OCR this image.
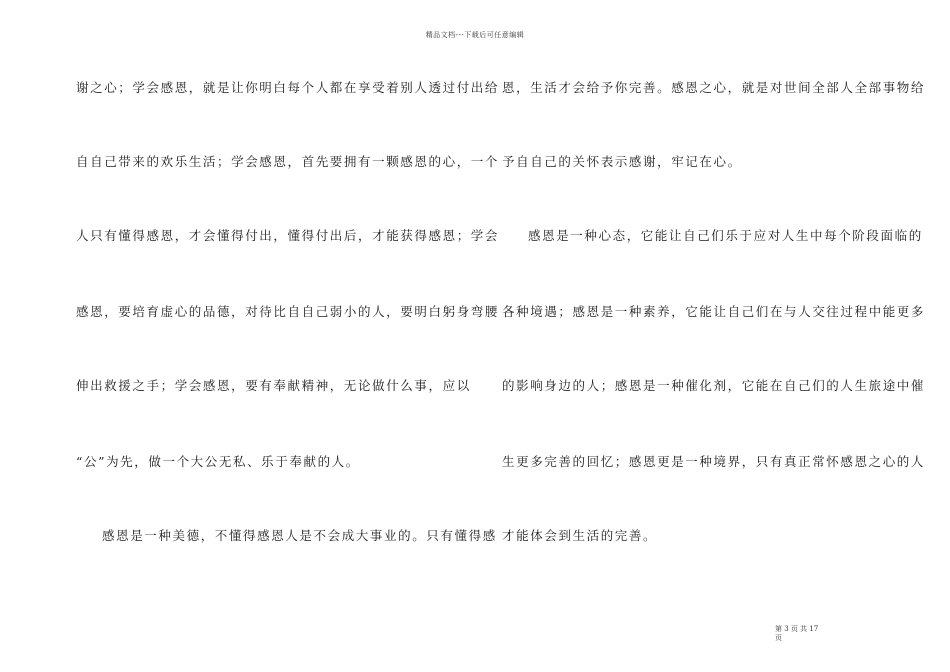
精品文档---下载后可任意编辑
谢之心；学会感恩，就是让你明白每个人都在享受着别人透过付出给
自自己带来的欢乐生活；学会感恩，首先要拥有一颗感恩的心，一个
人只有懂得感恩，才会懂得付出，懂得付出后，才能获得感恩；学会
感恩，要培育虚心的品德，对待比自自己弱小的人，要明白躬身弯腰
伸出救援之手；学会感恩，要有奉献精神，无论做什么事，应以
“公”为先，做一个大公无私、乐于奉献的人。
感恩是一种美德，不懂得感恩人是不会成大事业的。只有懂得感
恩，生活才会给予你完善。感恩之心，就是对世间全部人全部事物给
予自自己的关怀表示感谢，牢记在心。
感恩是一种心态，它能让自己们乐于应对人生中每个阶段面临的
各种境遇；感恩是一种素养，它能让自己们在与人交往过程中能更多
的影响身边的人；感恩是一种催化剂，它能在自己们的人生旅途中催
生更多完善的回忆；感恩更是一种境界，只有真正常怀感恩之心的人
才能体会到生活的完善。
第 3 页 共 17
页
